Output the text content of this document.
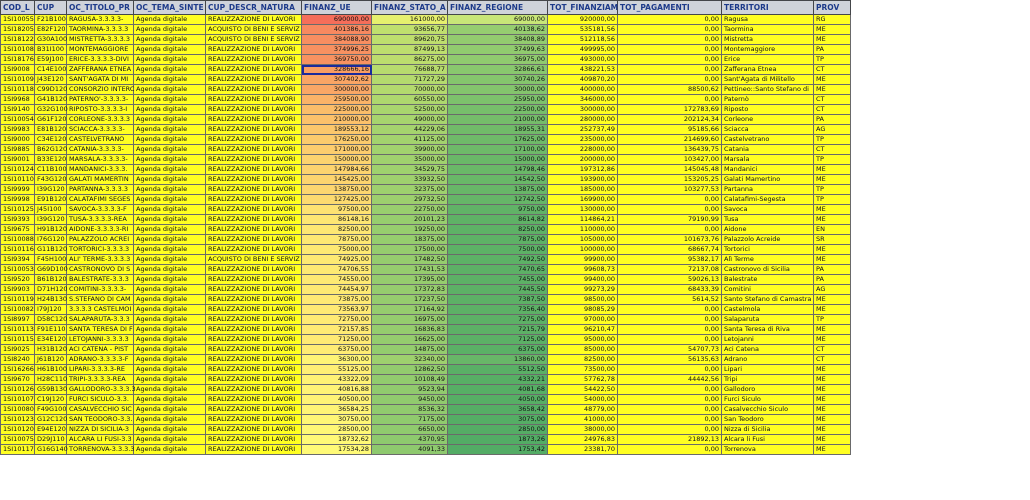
COD_L	CUP	OC_TITOLO_PR	OC_TEMA_SINTE	CUP_DESCR_NATURA	FINANZ_UE	FINANZ_STATO_A	FINANZ_REGIONE	TOT_FINANZIAM	TOT_PAGAMENTI	TERRITORI	PROV
1SI10055	F21B100	RAGUSA-3.3.3.3-	Agenda digitale	REALIZZAZIONE DI LAVORI	690000,00	161000,00	69000,00	920000,00	0,00	Ragusa	RG
1SI18205	E82F120	TAORMINA-3.3.3.3	Agenda digitale	ACQUISTO DI BENI E SERVIZ	401386,16	93656,77	40138,62	535181,56	0,00	Taormina	ME
1SI18122	G30A100	MISTRETTA-3.3.3.3	Agenda digitale	ACQUISTO DI BENI E SERVIZ	384088,90	89620,75	38408,89	512118,56	0,00	Mistretta	ME
1SI10108	B31I100	MONTEMAGGIORE	Agenda digitale	REALIZZAZIONE DI LAVORI	374996,25	87499,13	37499,63	499995,00	0,00	Montemaggiore	PA
1SI18176	E59J100	ERICE-3.3.3.3-DIVI	Agenda digitale	REALIZZAZIONE DI LAVORI	369750,00	86275,00	36975,00	493000,00	0,00	Erice	TP
1SI9008	C14E100	ZAFFERANA ETNEA	Agenda digitale	REALIZZAZIONE DI LAVORI	328666,16	76688,77	32866,61	438221,53	0,00	Zafferana Etnea	CT
1SI10109	J43E120	SANT'AGATA DI MI	Agenda digitale	REALIZZAZIONE DI LAVORI	307402,62	71727,29	30740,26	409870,20	0,00	Sant'Agata di Militello	ME
1SI10118	C99D120	CONSORZIO INTERC	Agenda digitale	REALIZZAZIONE DI LAVORI	300000,00	70000,00	30000,00	400000,00	88500,62	Pettineo::Santo Stefano di	ME
1SI9968	G41B120	PATERNO'-3.3.3.3-	Agenda digitale	REALIZZAZIONE DI LAVORI	259500,00	60550,00	25950,00	346000,00	0,00	Paternò	CT
1SI9140	G32G100	RIPOSTO-3.3.3.3-I	Agenda digitale	REALIZZAZIONE DI LAVORI	225000,00	52500,00	22500,00	300000,00	172783,69	Riposto	CT
1SI10054	G61F120	CORLEONE-3.3.3.3	Agenda digitale	REALIZZAZIONE DI LAVORI	210000,00	49000,00	21000,00	280000,00	202124,34	Corleone	PA
1SI9983	E81B120	SCIACCA-3.3.3.3-	Agenda digitale	REALIZZAZIONE DI LAVORI	189553,12	44229,06	18955,31	252737,49	95185,66	Sciacca	AG
1SI9000	C34E120	CASTELVETRANO	Agenda digitale	REALIZZAZIONE DI LAVORI	176250,00	41125,00	17625,00	235000,00	214699,60	Castelvetrano	TP
1SI9885	B62G120	CATANIA-3.3.3.3-	Agenda digitale	REALIZZAZIONE DI LAVORI	171000,00	39900,00	17100,00	228000,00	136439,75	Catania	CT
1SI9001	B33E120	MARSALA-3.3.3.3-	Agenda digitale	REALIZZAZIONE DI LAVORI	150000,00	35000,00	15000,00	200000,00	103427,00	Marsala	TP
1SI10124	C11B100	MANDANICI-3.3.3.	Agenda digitale	REALIZZAZIONE DI LAVORI	147984,66	34529,75	14798,46	197312,86	145045,48	Mandanici	ME
1SI10110	F43G120	GALATI MAMERTIN	Agenda digitale	REALIZZAZIONE DI LAVORI	145425,00	33932,50	14542,50	193900,00	153205,25	Galati Mamertino	ME
1SI9999	I39G120	PARTANNA-3.3.3.3	Agenda digitale	REALIZZAZIONE DI LAVORI	138750,00	32375,00	13875,00	185000,00	103277,53	Partanna	TP
1SI9998	E91B120	CALATAFIMI SEGES	Agenda digitale	REALIZZAZIONE DI LAVORI	127425,00	29732,50	12742,50	169900,00	0,00	Calatafimi-Segesta	TP
1SI10125	J45I100	SAVOCA-3.3.3.3-F	Agenda digitale	REALIZZAZIONE DI LAVORI	97500,00	22750,00	9750,00	130000,00	0,00	Savoca	ME
1SI9393	I39G120	TUSA-3.3.3.3-REA	Agenda digitale	REALIZZAZIONE DI LAVORI	86148,16	20101,23	8614,82	114864,21	79190,99	Tusa	ME
1SI9675	H91B120	AIDONE-3.3.3.3-RI	Agenda digitale	REALIZZAZIONE DI LAVORI	82500,00	19250,00	8250,00	110000,00	0,00	Aidone	EN
1SI10088	I76G120	PALAZZOLO ACREI	Agenda digitale	REALIZZAZIONE DI LAVORI	78750,00	18375,00	7875,00	105000,00	101673,76	Palazzolo Acreide	SR
1SI10116	G11B120	TORTORICI-3.3.3.3	Agenda digitale	REALIZZAZIONE DI LAVORI	75000,00	17500,00	7500,00	100000,00	68667,74	Tortorici	ME
1SI9394	F45H100	ALI' TERME-3.3.3.3	Agenda digitale	ACQUISTO DI BENI E SERVIZ	74925,00	17482,50	7492,50	99900,00	95382,17	Alì Terme	ME
1SI10053	G69D100	CASTRONOVO DI S	Agenda digitale	REALIZZAZIONE DI LAVORI	74706,55	17431,53	7470,65	99608,73	72137,08	Castronovo di Sicilia	PA
1SI9520	B61B120	BALESTRATE-3.3.3	Agenda digitale	REALIZZAZIONE DI LAVORI	74550,00	17395,00	7455,00	99400,00	59026,13	Balestrate	PA
1SI9903	D71H120	COMITINI-3.3.3.3-	Agenda digitale	REALIZZAZIONE DI LAVORI	74454,97	17372,83	7445,50	99273,29	68433,39	Comitini	AG
1SI10119	H24B130	S.STEFANO DI CAM	Agenda digitale	REALIZZAZIONE DI LAVORI	73875,00	17237,50	7387,50	98500,00	5614,52	Santo Stefano di Camastra	ME
1SI10082	I79J120	3.3.3.3 CASTELMOI	Agenda digitale	REALIZZAZIONE DI LAVORI	73563,97	17164,92	7356,40	98085,29	0,00	Castelmola	ME
1SI8997	D58C120	SALAPARUTA-3.3.3	Agenda digitale	REALIZZAZIONE DI LAVORI	72750,00	16975,00	7275,00	97000,00	0,00	Salaparuta	TP
1SI10113	F91E110	SANTA TERESA DI F	Agenda digitale	REALIZZAZIONE DI LAVORI	72157,85	16836,83	7215,79	96210,47	0,00	Santa Teresa di Riva	ME
1SI10115	E34E120	LETOJANNI-3.3.3.3	Agenda digitale	REALIZZAZIONE DI LAVORI	71250,00	16625,00	7125,00	95000,00	0,00	Letojanni	ME
1SI9025	H31B120	ACI CATENA - PIST	Agenda digitale	REALIZZAZIONE DI LAVORI	63750,00	14875,00	6375,00	85000,00	54707,73	Aci Catena	CT
1SI8240	J61B120	ADRANO-3.3.3.3-F	Agenda digitale	REALIZZAZIONE DI LAVORI	36300,00	32340,00	13860,00	82500,00	56135,63	Adrano	CT
1SI16266	H61B100	LIPARI-3.3.3.3-RE	Agenda digitale	REALIZZAZIONE DI LAVORI	55125,00	12862,50	5512,50	73500,00	0,00	Lipari	ME
1SI9670	H28C110	TRIPI-3.3.3.3-REA	Agenda digitale	REALIZZAZIONE DI LAVORI	43322,09	10108,49	4332,21	57762,78	44442,56	Tripi	ME
1SI10126	G59B130	GALLODORO-3.3.3.3	Agenda digitale	REALIZZAZIONE DI LAVORI	40816,88	9523,94	4081,68	54422,50	0,00	Gallodoro	ME
1SI10107	C19J120	FURCI SICULO-3.3.	Agenda digitale	REALIZZAZIONE DI LAVORI	40500,00	9450,00	4050,00	54000,00	0,00	Furci Siculo	ME
1SI10080	F49G100	CASALVECCHIO SIC	Agenda digitale	REALIZZAZIONE DI LAVORI	36584,25	8536,32	3658,42	48779,00	0,00	Casalvecchio Siculo	ME
1SI10123	G12C120	SAN TEODORO-3.3.	Agenda digitale	REALIZZAZIONE DI LAVORI	30750,00	7175,00	3075,00	41000,00	0,00	San Teodoro	ME
1SI10120	E94E120	NIZZA DI SICILIA-3	Agenda digitale	REALIZZAZIONE DI LAVORI	28500,00	6650,00	2850,00	38000,00	0,00	Nizza di Sicilia	ME
1SI10075	D29J110	ALCARA LI FUSI-3.3	Agenda digitale	REALIZZAZIONE DI LAVORI	18732,62	4370,95	1873,26	24976,83	21892,13	Alcara li Fusi	ME
1SI10117	G16G140	TORRENOVA-3.3.3.3	Agenda digitale	REALIZZAZIONE DI LAVORI	17534,28	4091,33	1753,42	23381,70	0,00	Torrenova	ME
